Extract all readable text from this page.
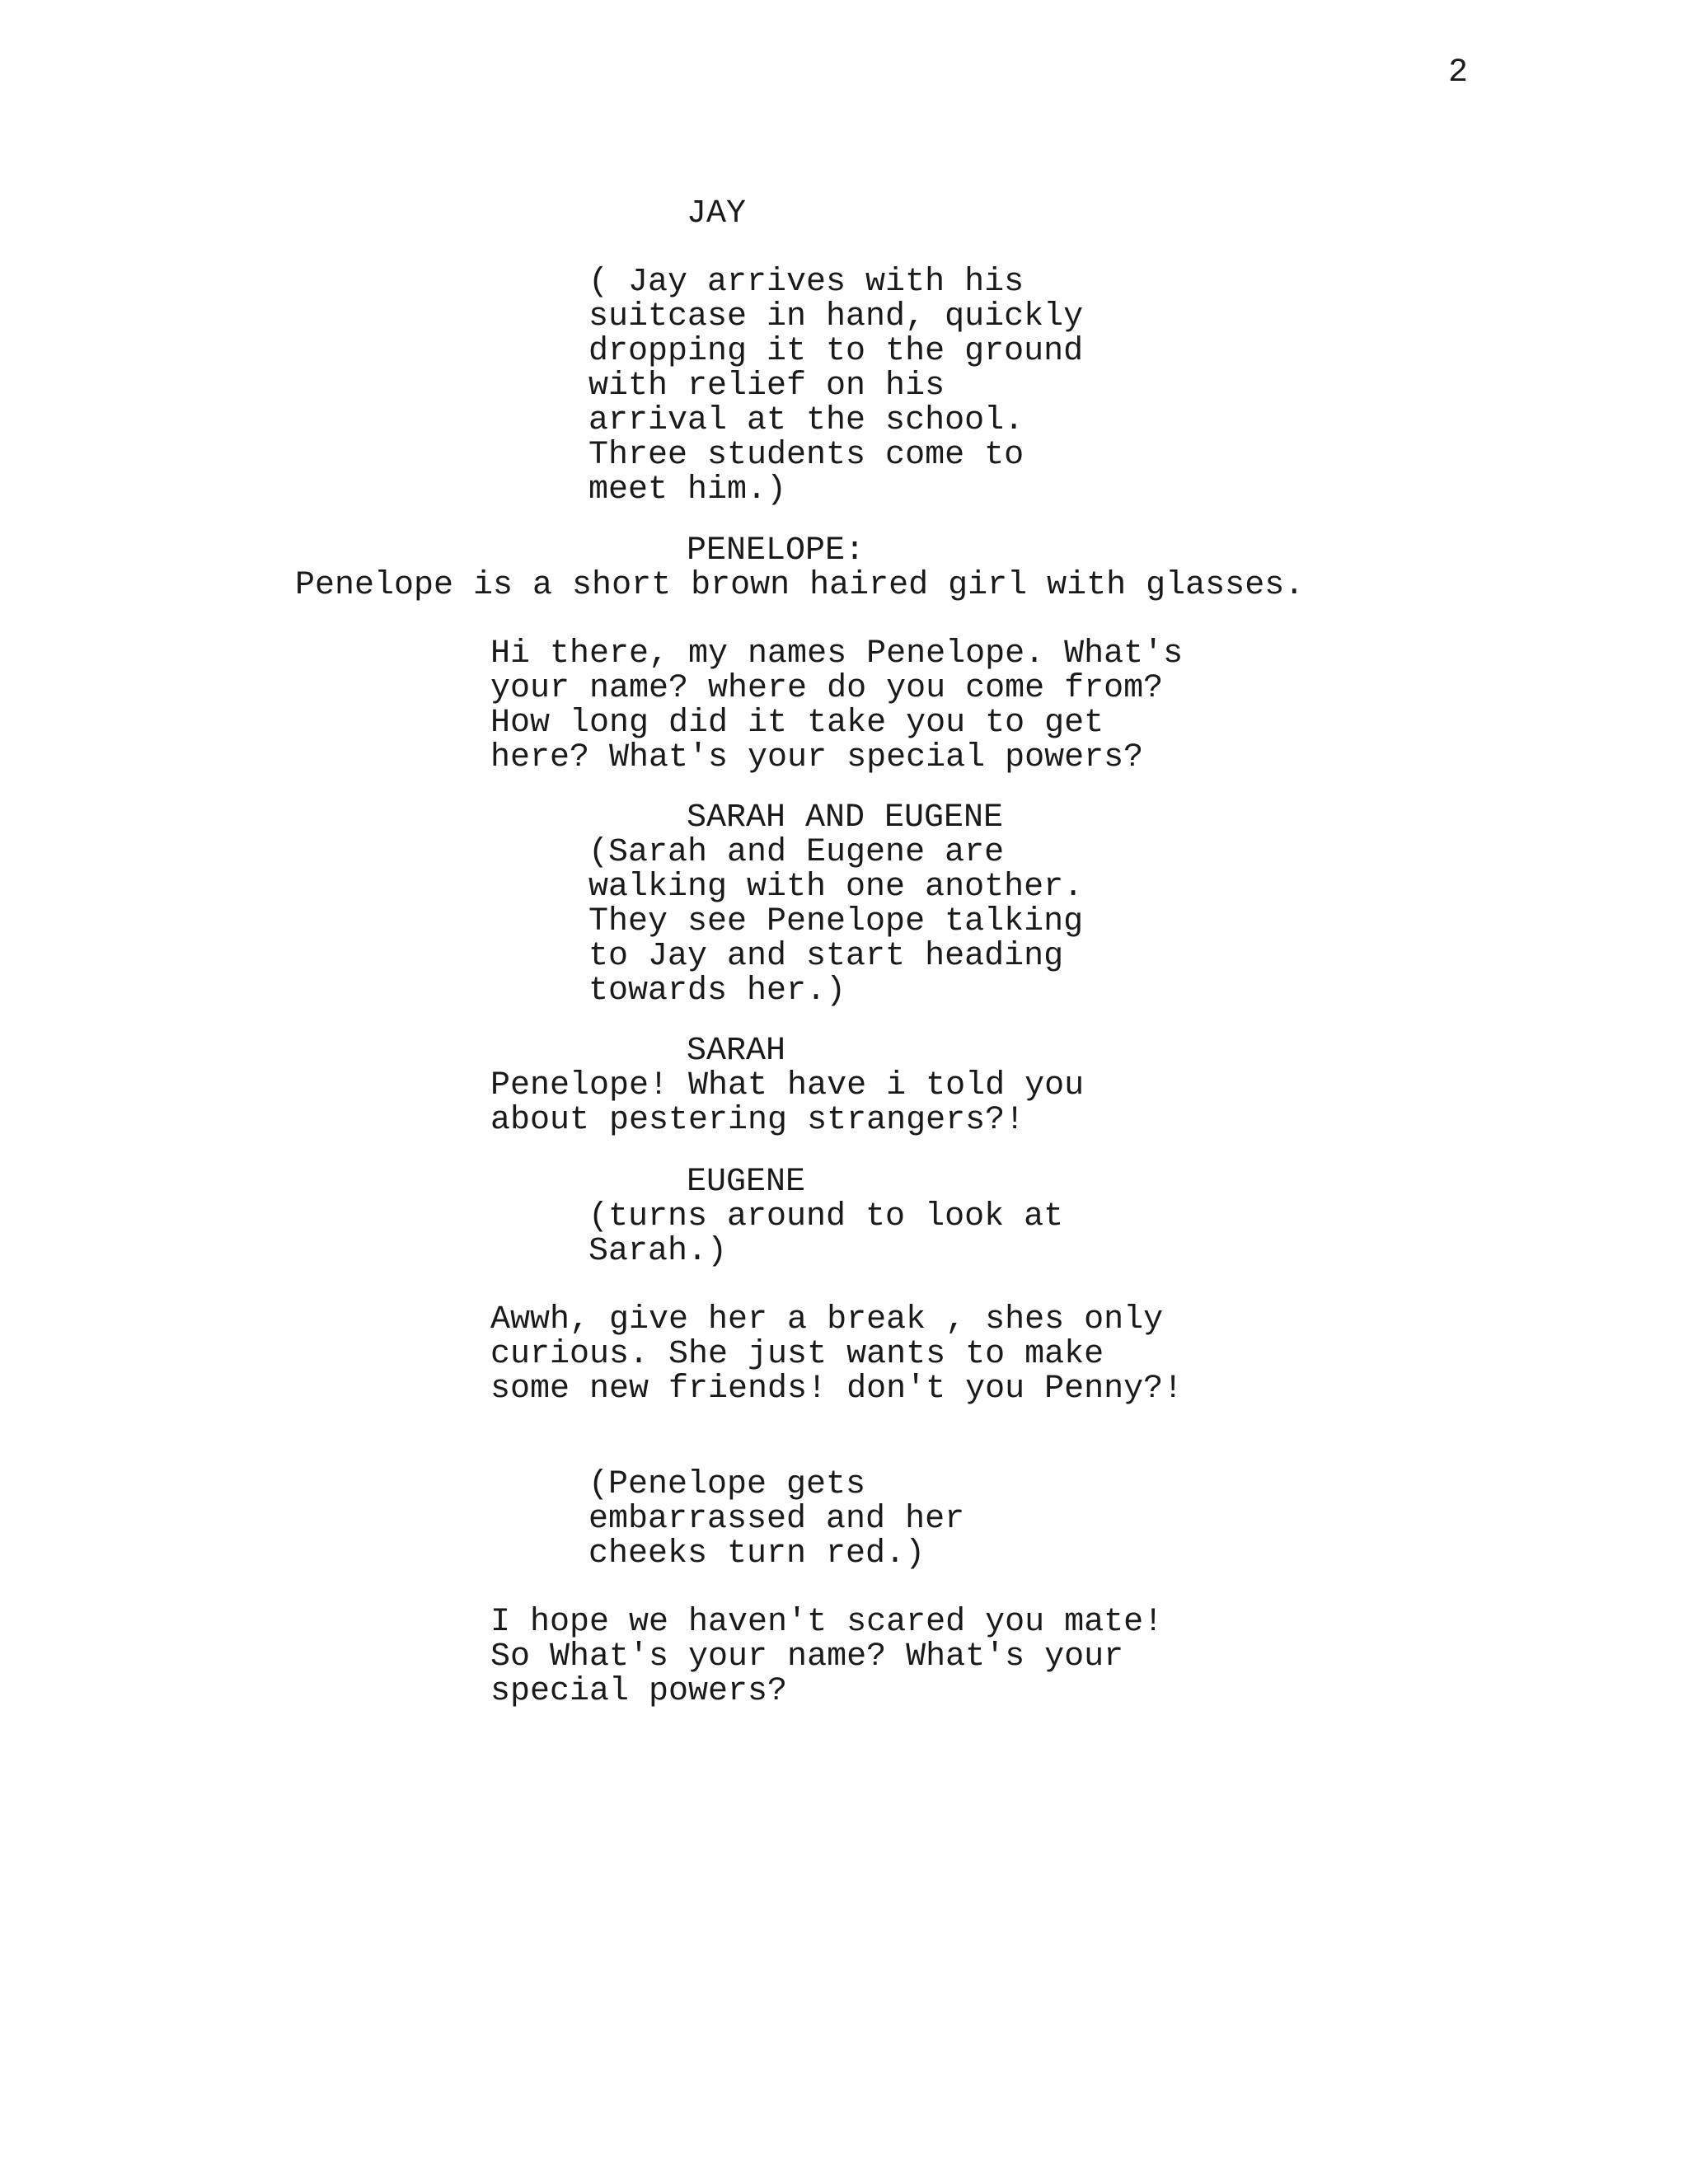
2
JAY
( Jay arrives with his
suitcase in hand, quickly
dropping it to the ground
with relief on his
arrival at the school.
Three students come to
meet him.)
PENELOPE:
Penelope is a short brown haired girl with glasses.
Hi there, my names Penelope. What's
your name? where do you come from?
How long did it take you to get
here? What's your special powers?
SARAH AND EUGENE
(Sarah and Eugene are
walking with one another.
They see Penelope talking
to Jay and start heading
towards her.)
SARAH
Penelope! What have i told you
about pestering strangers?!
EUGENE
(turns around to look at
Sarah.)
Awwh, give her a break , shes only
curious. She just wants to make
some new friends! don't you Penny?!
(Penelope gets
embarrassed and her
cheeks turn red.)
I hope we haven't scared you mate!
So What's your name? What's your
special powers?
